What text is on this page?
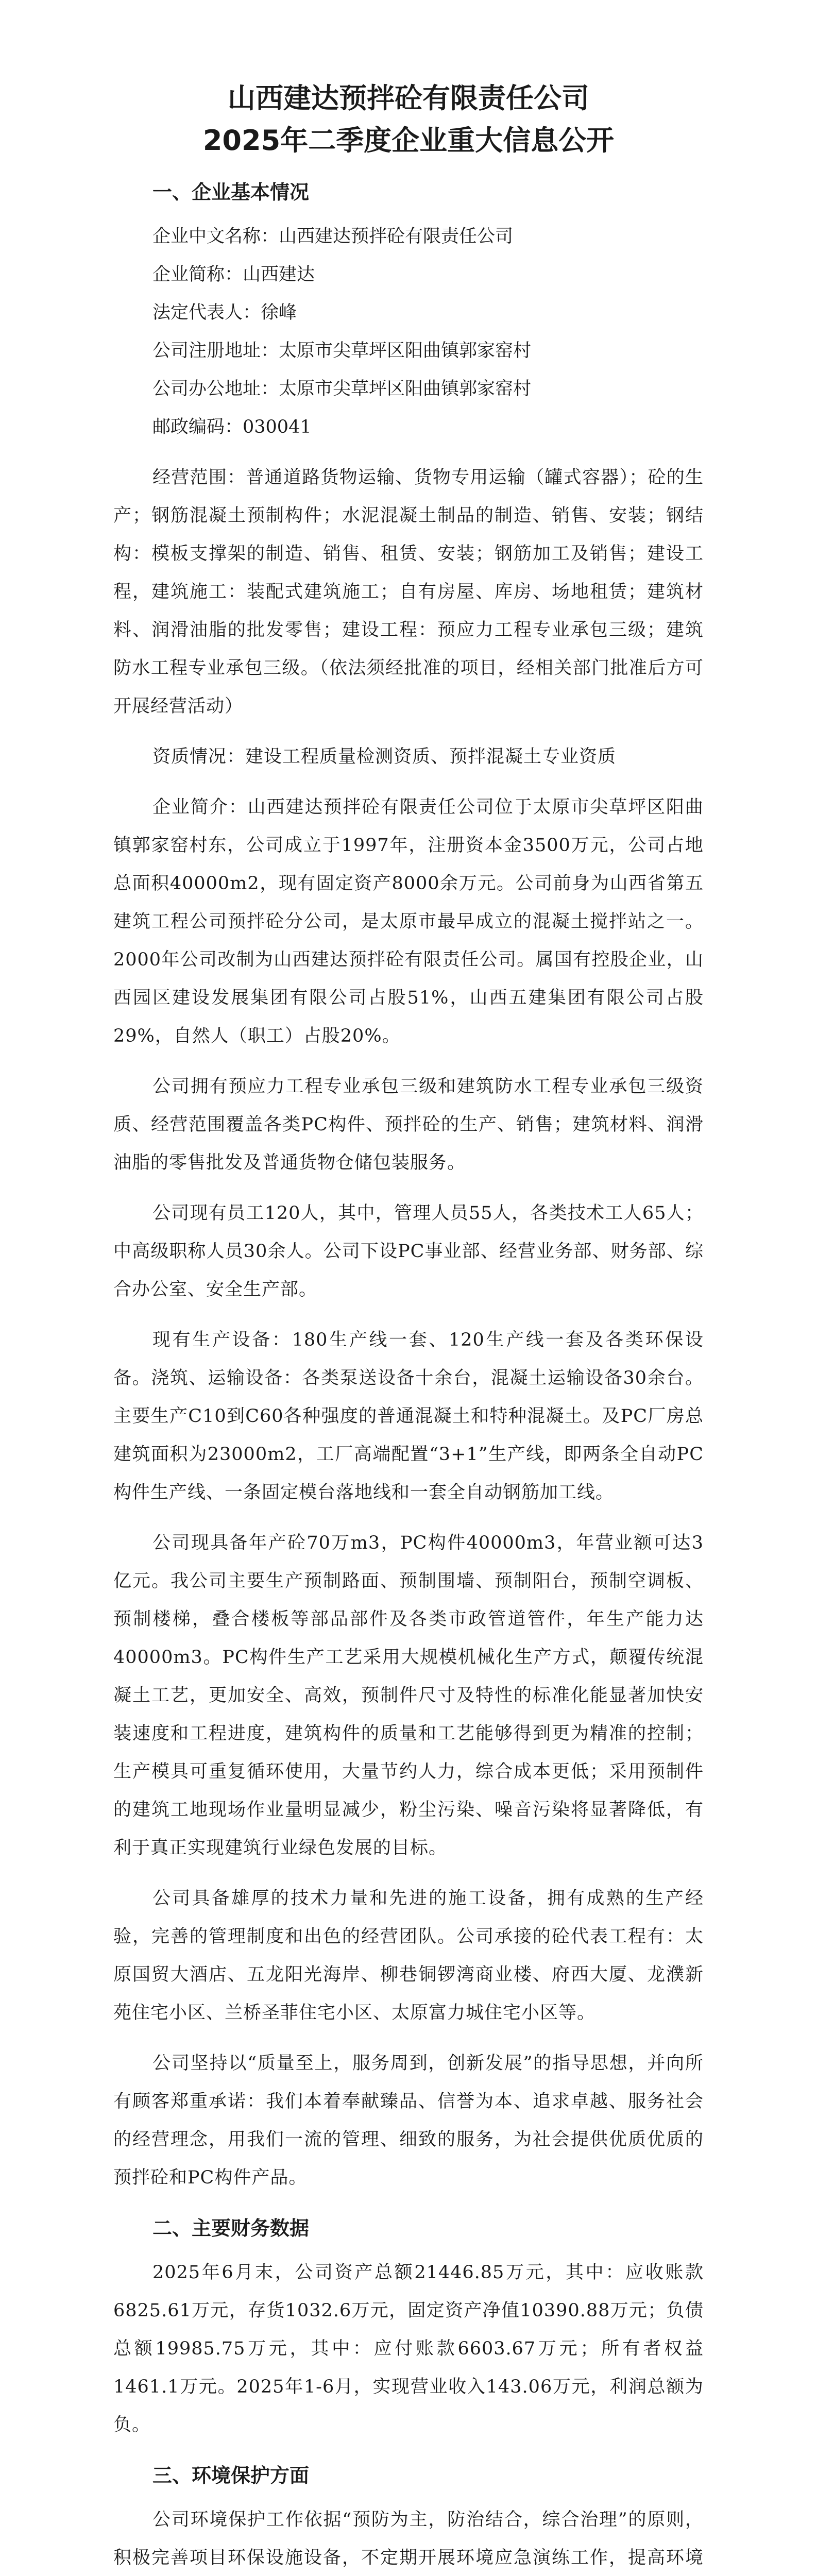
山西建达预拌砼有限责任公司
2025年二季度企业重大信息公开
一、企业基本情况

企业中文名称：山西建达预拌砼有限责任公司

企业简称：山西建达

法定代表人：徐峰

公司注册地址：太原市尖草坪区阳曲镇郭家窑村

公司办公地址：太原市尖草坪区阳曲镇郭家窑村

邮政编码：030041

经营范围：普通道路货物运输、货物专用运输（罐式容器）；砼的生产；钢筋混凝土预制构件；水泥混凝土制品的制造、销售、安装；钢结构：模板支撑架的制造、销售、租赁、安装；钢筋加工及销售；建设工程，建筑施工：装配式建筑施工；自有房屋、库房、场地租赁；建筑材料、润滑油脂的批发零售；建设工程：预应力工程专业承包三级；建筑防水工程专业承包三级。（依法须经批准的项目，经相关部门批准后方可开展经营活动）

资质情况：建设工程质量检测资质、预拌混凝土专业资质

企业简介：山西建达预拌砼有限责任公司位于太原市尖草坪区阳曲镇郭家窑村东，公司成立于1997年，注册资本金3500万元，公司占地总面积40000m2，现有固定资产8000余万元。公司前身为山西省第五建筑工程公司预拌砼分公司，是太原市最早成立的混凝土搅拌站之一。2000年公司改制为山西建达预拌砼有限责任公司。属国有控股企业，山西园区建设发展集团有限公司占股51%，山西五建集团有限公司占股29%，自然人（职工）占股20%。

公司拥有预应力工程专业承包三级和建筑防水工程专业承包三级资质、经营范围覆盖各类PC构件、预拌砼的生产、销售；建筑材料、润滑油脂的零售批发及普通货物仓储包装服务。

公司现有员工120人，其中，管理人员55人，各类技术工人65人；中高级职称人员30余人。公司下设PC事业部、经营业务部、财务部、综合办公室、安全生产部。

现有生产设备：180生产线一套、120生产线一套及各类环保设备。浇筑、运输设备：各类泵送设备十余台，混凝土运输设备30余台。主要生产C10到C60各种强度的普通混凝土和特种混凝土。及PC厂房总建筑面积为23000m2，工厂高端配置“3+1”生产线，即两条全自动PC构件生产线、一条固定模台落地线和一套全自动钢筋加工线。

公司现具备年产砼70万m3，PC构件40000m3，年营业额可达3亿元。我公司主要生产预制路面、预制围墙、预制阳台，预制空调板、预制楼梯，叠合楼板等部品部件及各类市政管道管件，年生产能力达40000m3。PC构件生产工艺采用大规模机械化生产方式，颠覆传统混凝土工艺，更加安全、高效，预制件尺寸及特性的标准化能显著加快安装速度和工程进度，建筑构件的质量和工艺能够得到更为精准的控制；生产模具可重复循环使用，大量节约人力，综合成本更低；采用预制件的建筑工地现场作业量明显减少，粉尘污染、噪音污染将显著降低，有利于真正实现建筑行业绿色发展的目标。

公司具备雄厚的技术力量和先进的施工设备，拥有成熟的生产经验，完善的管理制度和出色的经营团队。公司承接的砼代表工程有：太原国贸大酒店、五龙阳光海岸、柳巷铜锣湾商业楼、府西大厦、龙濮新苑住宅小区、兰桥圣菲住宅小区、太原富力城住宅小区等。

公司坚持以“质量至上，服务周到，创新发展”的指导思想，并向所有顾客郑重承诺：我们本着奉献臻品、信誉为本、追求卓越、服务社会的经营理念，用我们一流的管理、细致的服务，为社会提供优质优质的预拌砼和PC构件产品。

二、主要财务数据

2025年6月末，公司资产总额21446.85万元，其中：应收账款6825.61万元，存货1032.6万元，固定资产净值10390.88万元；负债总额19985.75万元，其中：应付账款6603.67万元；所有者权益1461.1万元。2025年1-6月，实现营业收入143.06万元，利润总额为负。

三、环境保护方面

公司环境保护工作依据“预防为主，防治结合，综合治理”的原则，积极完善项目环保设施设备，不定期开展环境应急演练工作，提高环境
